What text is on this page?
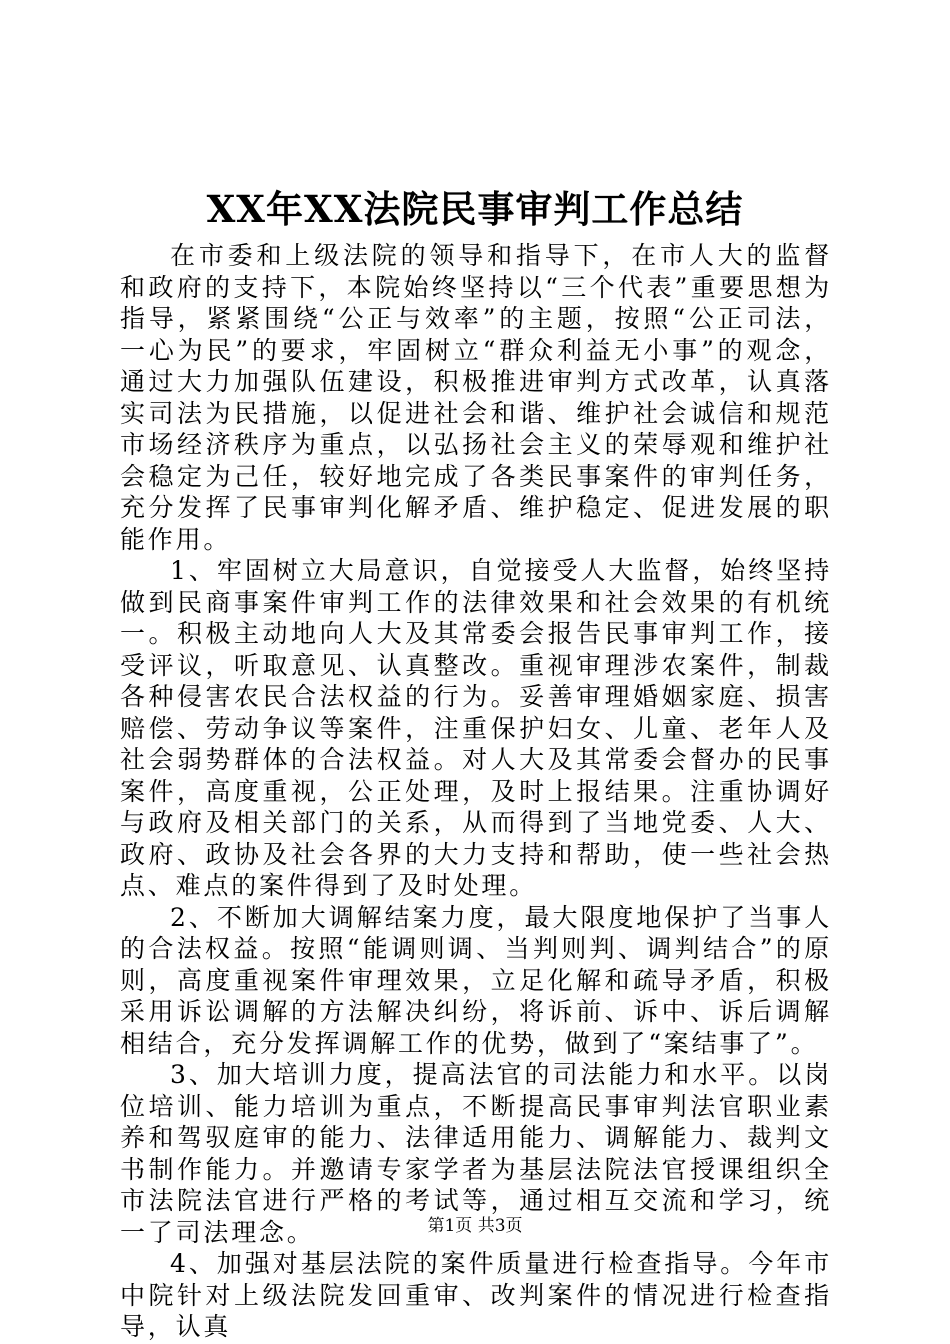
XX年XX法院民事审判工作总结

在市委和上级法院的领导和指导下，在市人大的监督和政府的支持下，本院始终坚持以“三个代表”重要思想为指导，紧紧围绕“公正与效率”的主题，按照“公正司法，一心为民”的要求，牢固树立“群众利益无小事”的观念，通过大力加强队伍建设，积极推进审判方式改革，认真落实司法为民措施，以促进社会和谐、维护社会诚信和规范市场经济秩序为重点，以弘扬社会主义的荣辱观和维护社会稳定为己任，较好地完成了各类民事案件的审判任务，充分发挥了民事审判化解矛盾、维护稳定、促进发展的职能作用。

1、牢固树立大局意识，自觉接受人大监督，始终坚持做到民商事案件审判工作的法律效果和社会效果的有机统一。积极主动地向人大及其常委会报告民事审判工作，接受评议，听取意见、认真整改。重视审理涉农案件，制裁各种侵害农民合法权益的行为。妥善审理婚姻家庭、损害赔偿、劳动争议等案件，注重保护妇女、儿童、老年人及社会弱势群体的合法权益。对人大及其常委会督办的民事案件，高度重视，公正处理，及时上报结果。注重协调好与政府及相关部门的关系，从而得到了当地党委、人大、政府、政协及社会各界的大力支持和帮助，使一些社会热点、难点的案件得到了及时处理。

2、不断加大调解结案力度，最大限度地保护了当事人的合法权益。按照“能调则调、当判则判、调判结合”的原则，高度重视案件审理效果，立足化解和疏导矛盾，积极采用诉讼调解的方法解决纠纷，将诉前、诉中、诉后调解相结合，充分发挥调解工作的优势，做到了“案结事了”。

3、加大培训力度，提高法官的司法能力和水平。以岗位培训、能力培训为重点，不断提高民事审判法官职业素养和驾驭庭审的能力、法律适用能力、调解能力、裁判文书制作能力。并邀请专家学者为基层法院法官授课组织全市法院法官进行严格的考试等，通过相互交流和学习，统一了司法理念。

4、加强对基层法院的案件质量进行检查指导。今年市中院针对上级法院发回重审、改判案件的情况进行检查指导，认真

第1页 共3页
